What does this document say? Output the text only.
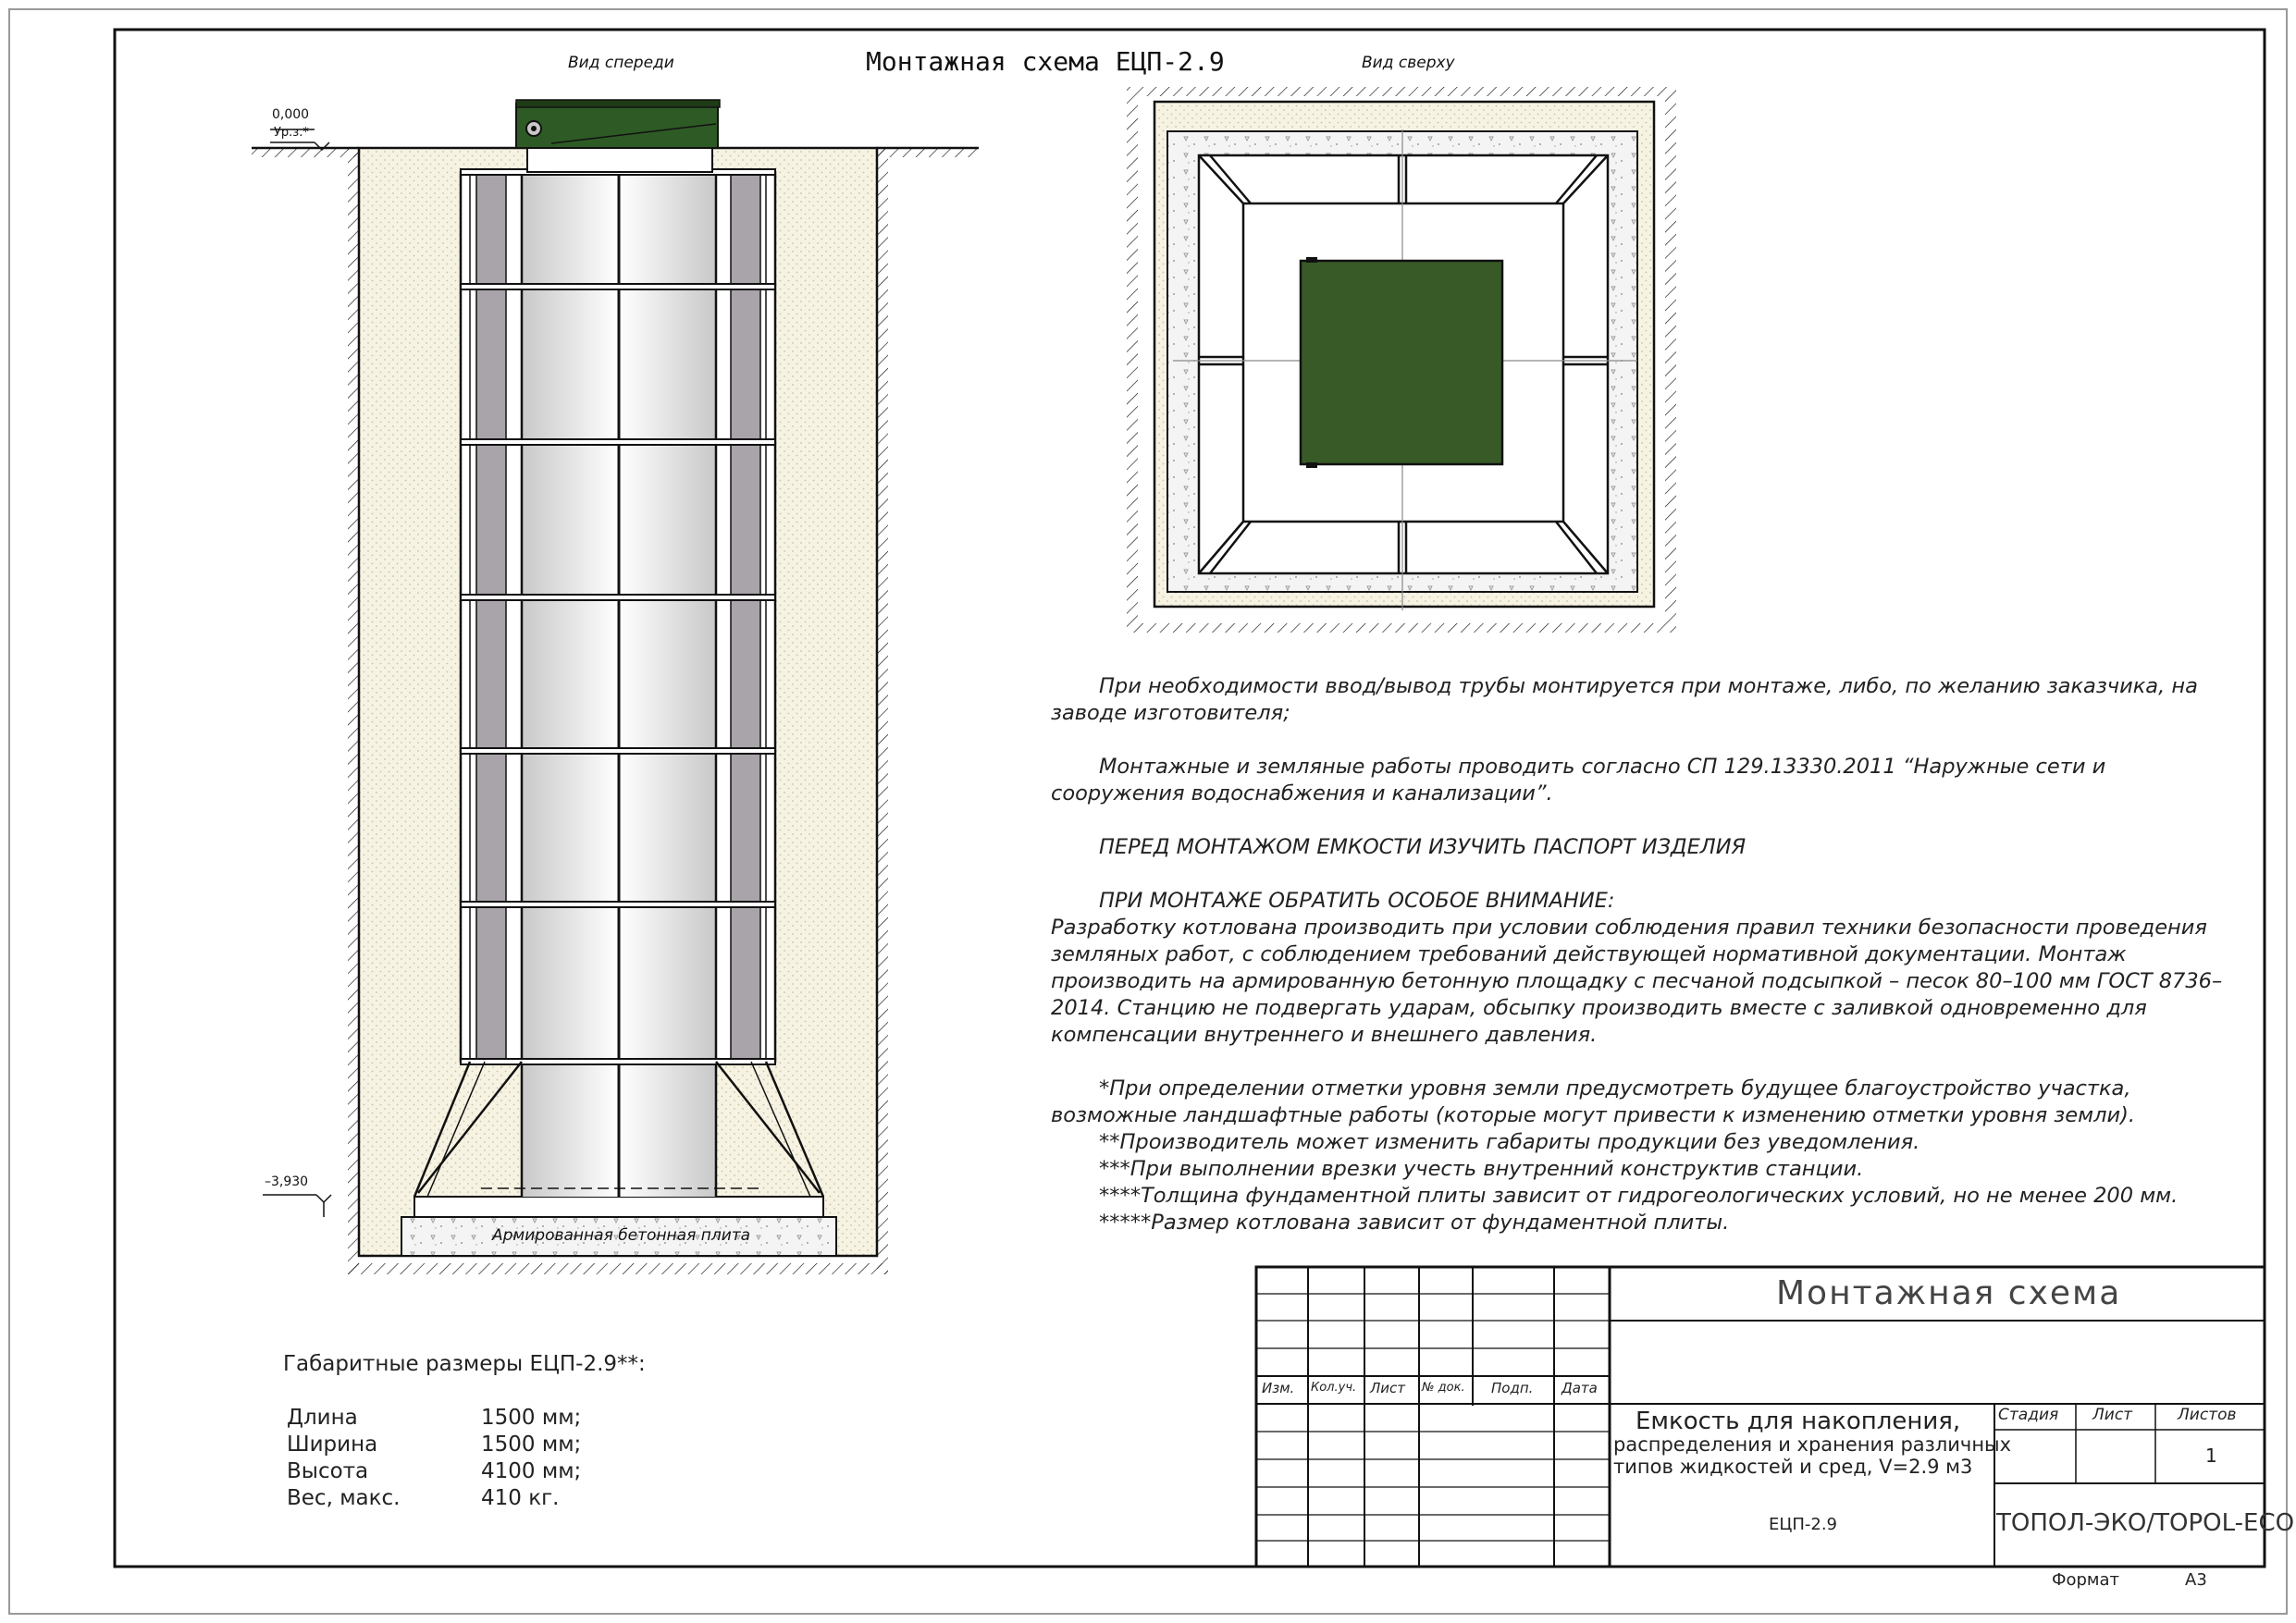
Монтажная схема ЕЦП-2.9
Вид спереди	Вид сверху
0,000
Ур.з.*
–3,930
Армированная бетонная плита

При необходимости ввод/вывод трубы монтируется при монтаже, либо, по желанию заказчика, на заводе изготовителя;

Монтажные и земляные работы проводить согласно СП 129.13330.2011 “Наружные сети и сооружения водоснабжения и канализации”.

ПЕРЕД МОНТАЖОМ ЕМКОСТИ ИЗУЧИТЬ ПАСПОРТ ИЗДЕЛИЯ

ПРИ МОНТАЖЕ ОБРАТИТЬ ОСОБОЕ ВНИМАНИЕ:

Разработку котлована производить при условии соблюдения правил техники безопасности проведения земляных работ, с соблюдением требований действующей нормативной документации. Монтаж производить на армированную бетонную площадку с песчаной подсыпкой – песок 80–100 мм ГОСТ 8736–2014. Станцию не подвергать ударам, обсыпку производить вместе с заливкой одновременно для компенсации внутреннего и внешнего давления.

*При определении отметки уровня земли предусмотреть будущее благоустройство участка, возможные ландшафтные работы (которые могут привести к изменению отметки уровня земли).

**Производитель может изменить габариты продукции без уведомления.

***При выполнении врезки учесть внутренний конструктив станции.

****Толщина фундаментной плиты зависит от гидрогеологических условий, но не менее 200 мм.

*****Размер котлована зависит от фундаментной плиты.

Габаритные размеры ЕЦП-2.9**:
Длина	1500 мм;
Ширина	1500 мм;
Высота	4100 мм;
Вес, макс.	410 кг.
Изм. Кол.уч. Лист № док. Подп. Дата
Монтажная схема
Емкость для накопления,
распределения и хранения различных
типов жидкостей и сред, V=2.9 м3
Стадия Лист	Листов
1
ЕЦП-2.9	ТОПОЛ-ЭКО/TOPOL-ECO
Формат	А3
